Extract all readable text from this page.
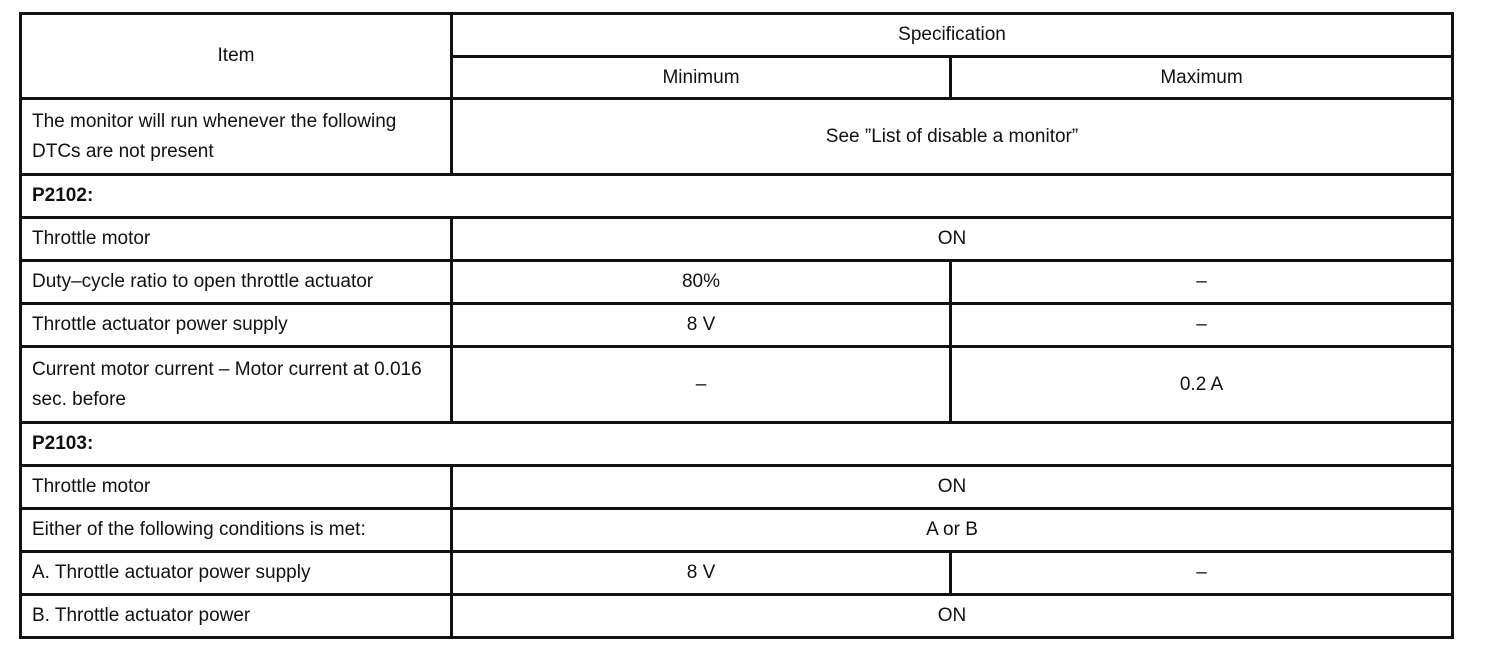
Item	Specification	
	Minimum	Maximum
The monitor will run whenever the following DTCs are not present	See ”List of disable a monitor”	
P2102:		
Throttle motor	ON	
Duty–cycle ratio to open throttle actuator	80%	–
Throttle actuator power supply	8 V	–
Current motor current – Motor current at 0.016 sec. before	–	0.2 A
P2103:		
Throttle motor	ON	
Either of the following conditions is met:	A or B	
A. Throttle actuator power supply	8 V	–
B. Throttle actuator power	ON	
